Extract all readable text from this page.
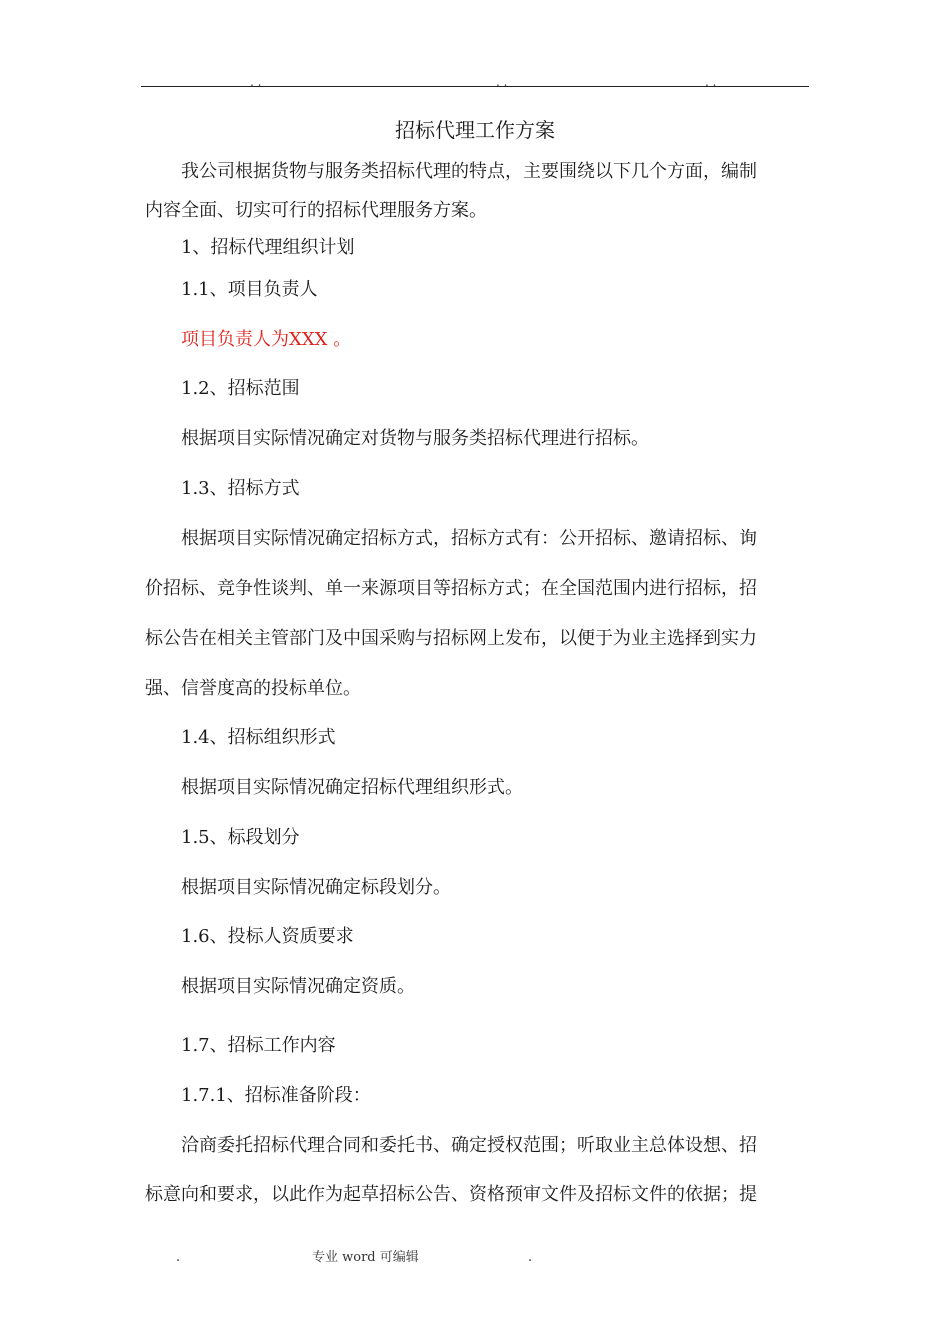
. .	. .	. .
招标代理工作方案
　　我公司根据货物与服务类招标代理的特点，主要围绕以下几个方面，编制
内容全面、切实可行的招标代理服务方案。
　　1、招标代理组织计划
　　1.1、项目负责人
　　项目负责人为XXX 。
　　1.2、招标范围
　　根据项目实际情况确定对货物与服务类招标代理进行招标。
　　1.3、招标方式
　　根据项目实际情况确定招标方式，招标方式有：公开招标、邀请招标、询
价招标、竞争性谈判、单一来源项目等招标方式；在全国范围内进行招标，招
标公告在相关主管部门及中国采购与招标网上发布，以便于为业主选择到实力
强、信誉度高的投标单位。
　　1.4、招标组织形式
　　根据项目实际情况确定招标代理组织形式。
　　1.5、标段划分
　　根据项目实际情况确定标段划分。
　　1.6、投标人资质要求
　　根据项目实际情况确定资质。
　　1.7、招标工作内容
　　1.7.1、招标准备阶段：
　　洽商委托招标代理合同和委托书、确定授权范围；听取业主总体设想、招
标意向和要求，以此作为起草招标公告、资格预审文件及招标文件的依据；提
.	专业 word 可编辑	.
